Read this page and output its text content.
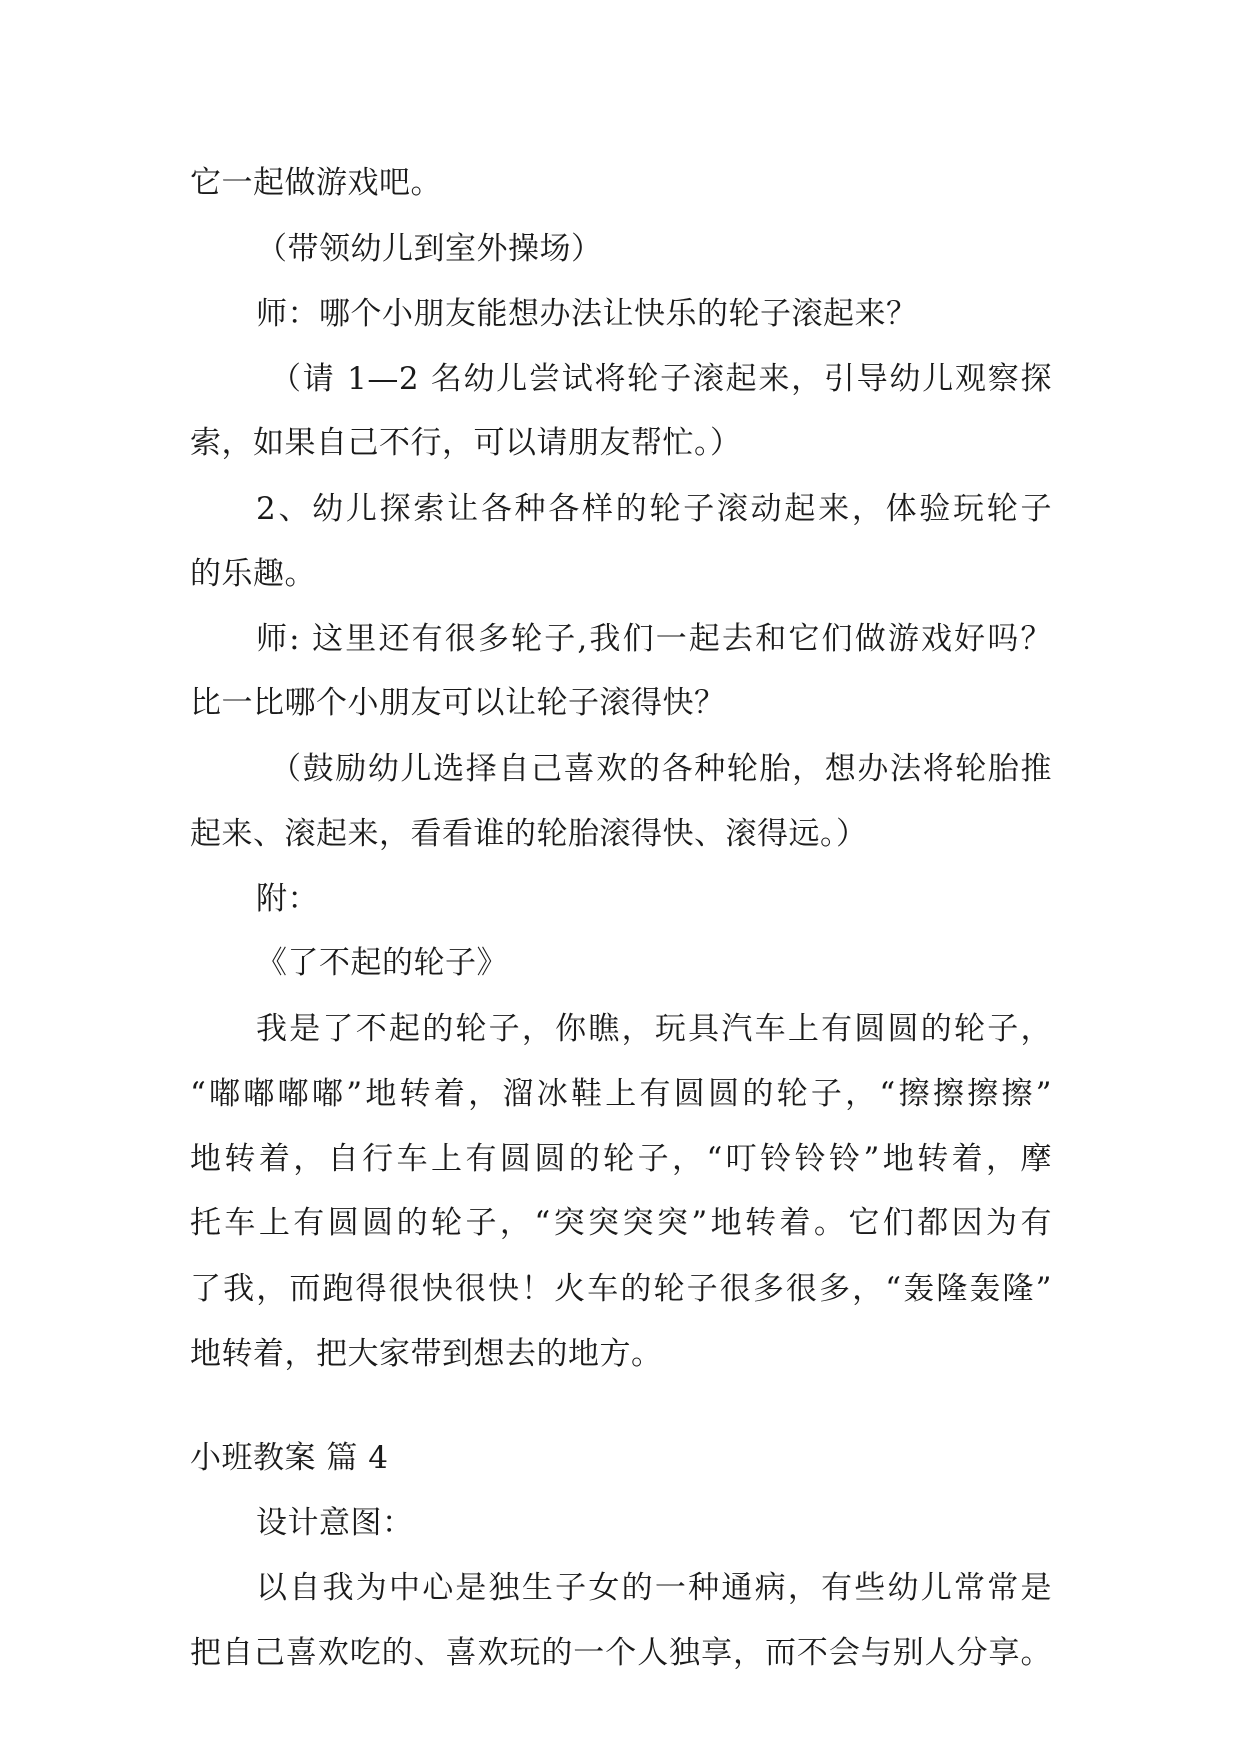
它一起做游戏吧。
（带领幼儿到室外操场）
师：哪个小朋友能想办法让快乐的轮子滚起来？
（请 1—2 名幼儿尝试将轮子滚起来，引导幼儿观察探
索，如果自己不行，可以请朋友帮忙。）
2、幼儿探索让各种各样的轮子滚动起来，体验玩轮子
的乐趣。
师: 这里还有很多轮子,我们一起去和它们做游戏好吗？
比一比哪个小朋友可以让轮子滚得快？
（鼓励幼儿选择自己喜欢的各种轮胎，想办法将轮胎推
起来、滚起来，看看谁的轮胎滚得快、滚得远。）
附：
《了不起的轮子》
我是了不起的轮子，你瞧，玩具汽车上有圆圆的轮子，
“嘟嘟嘟嘟”地转着，溜冰鞋上有圆圆的轮子，“擦擦擦擦”
地转着，自行车上有圆圆的轮子，“叮铃铃铃”地转着，摩
托车上有圆圆的轮子，“突突突突”地转着。它们都因为有
了我，而跑得很快很快！火车的轮子很多很多，“轰隆轰隆”
地转着，把大家带到想去的地方。
小班教案 篇 4
设计意图：
以自我为中心是独生子女的一种通病，有些幼儿常常是
把自己喜欢吃的、喜欢玩的一个人独享，而不会与别人分享。
